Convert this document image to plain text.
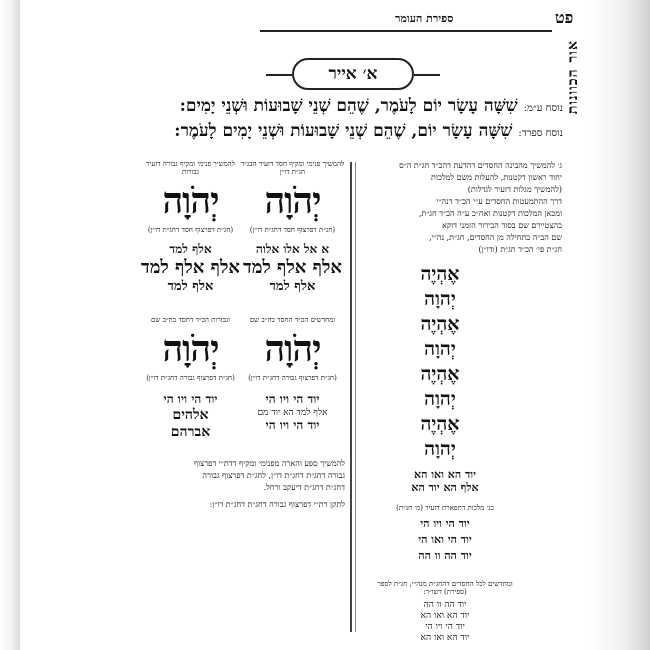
פט
ספירת העומר
אור הכוונות
א׳ אייר
נוסח ע״מ: שִׁשָּׁה עָשָׂר יוֹם לָעֹמֶר, שֶׁהֵם שְׁנֵי שָׁבוּעוֹת וּשְׁנֵי יָמִים:
נוסח ספרד: שִׁשָּׁה עָשָׂר יוֹם, שֶׁהֵם שְׁנֵי שָׁבוּעוֹת וּשְׁנֵי יָמִים לָעֹמֶר:
ג׳ להמשיך מהבינה החסדים דהדעת דהכ״ד חג״ת ה״ס
יחוד ראשון דקטנות, להעלות משם למלכות
(להמשיך מגלות דזעיר לגדלות)
דרך ההתמעטות החסדים ע״י הכ״ד דנה״י
ומכאן המלכות דקטנות ואח״כ ע״ה הכ״ד חג״ת,
בהצטיירם שם בסוד הבירור הזמני דוקא
שם הב״ה בתחילה מן החסדים, חג״ת, נה״י,
חג״ת פי׳ הכ״ד חג״ת (ודו״ן)
אֶהְיֶה
יְהוָה
אֶהְיֶה
יְהוָה
אֶהְיֶה
יְהוָה
אֶהְיֶה
יְהוָה
יוד הא ואו הא
אלף הא יוד הא
כג׳ מלכות דתפארת דזעיר (מ׳ חג״ת)
יוד הי ויו הי
יוד הי ואו הי
יוד הה וו הה
ומחדשים לכל החסדים דהחג״ת מנה״י, חג״ת לספר (ספירת) דשו״ר:
יוד הה וו הה
יוד הא ואו הא
יוד הי ויו הי
יוד הא ואו הא
להמשיך פנימי ומקיף חסד דזעיר הבג״ד חג״ת דו״ן
יְהֹוָה
(חג״ת דפרצוף חסד דחג״ת דו״ן)
א אל אלו אלוה
אלף אלף למד
אלף למד
ומחדשים הכ״ד החסד כח״ב שם
יְהֹוָה
(חג״ת דפרצוף גבורה דחג״ת דו״ן)
יוד הי ויו הי
אלף למד הא יוד מם
יוד הי ויו הי
להמשיך פנימי ומקיף גבורה דזעיר גבורות
יְהֹוָה
(חג״ת דפרצוף חסד דחג״ת דו״ן)
אלף למד
אלף אלף למד
אלף למד
וגבורות הכ״ד דחסד כח״ב שם
יְהֹוָה
(חג״ת דפרצוף גבורה דחג״ת דו״ן)
יוד הי ויו הי
אלהים
אברהם
להמשיך ספע והארה מפנימי ומקיף דדת״י דפרצוף
גבורה דחג״ת דחג״ת דו״ן, לחג״ת דפרצוף גבורה
דחג״ת דחג״ת דיעקב ורחל.
לתקן דת״י דפרצוף גבורה דחג״ת דחג״ת דו״ן:
